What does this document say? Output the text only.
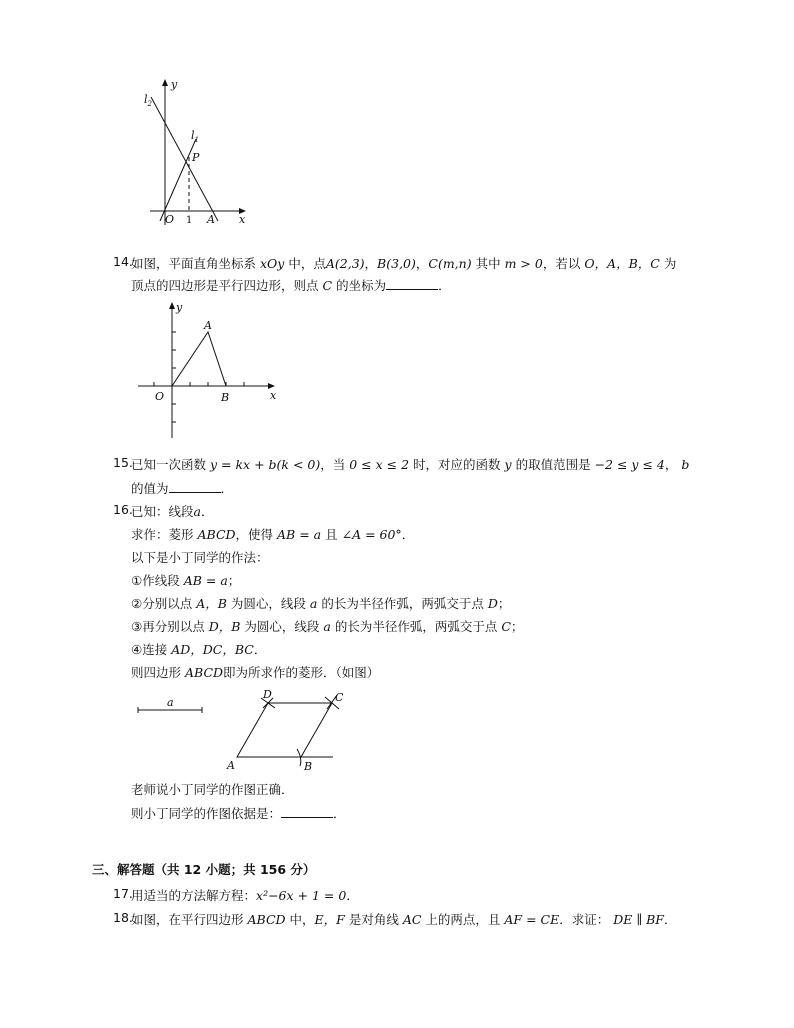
y
$l_2$
$l_1$
P
O 1 A x
14.
如图，平面直角坐标系 xOy 中，点A(2,3)，B(3,0)，C(m,n) 其中 m > 0，若以 O，A，B，C 为
顶点的四边形是平行四边形，则点 C 的坐标为	．
y
A
O	B	x
15.
已知一次函数 y = kx + b(k < 0)，当 0 ≤ x ≤ 2 时，对应的函数 y 的取值范围是 −2 ≤ y ≤ 4， b
的值为	．
16.
已知：线段a．
求作：菱形 ABCD，使得 AB = a 且 ∠A = 60°．
以下是小丁同学的作法：
①作线段 AB = a；
②分别以点 A，B 为圆心，线段 a 的长为半径作弧，两弧交于点 D；
③再分别以点 D，B 为圆心，线段 a 的长为半径作弧，两弧交于点 C；
④连接 AD，DC，BC．
则四边形 ABCD即为所求作的菱形．（如图）
a
D	C
A	B
老师说小丁同学的作图正确．
则小丁同学的作图依据是：	．
三、解答题（共 12 小题；共 156 分）
17.
用适当的方法解方程：x²−6x + 1 = 0．
18.
如图，在平行四边形 ABCD 中，E，F 是对角线 AC 上的两点，且 AF = CE．求证： DE ∥ BF．
